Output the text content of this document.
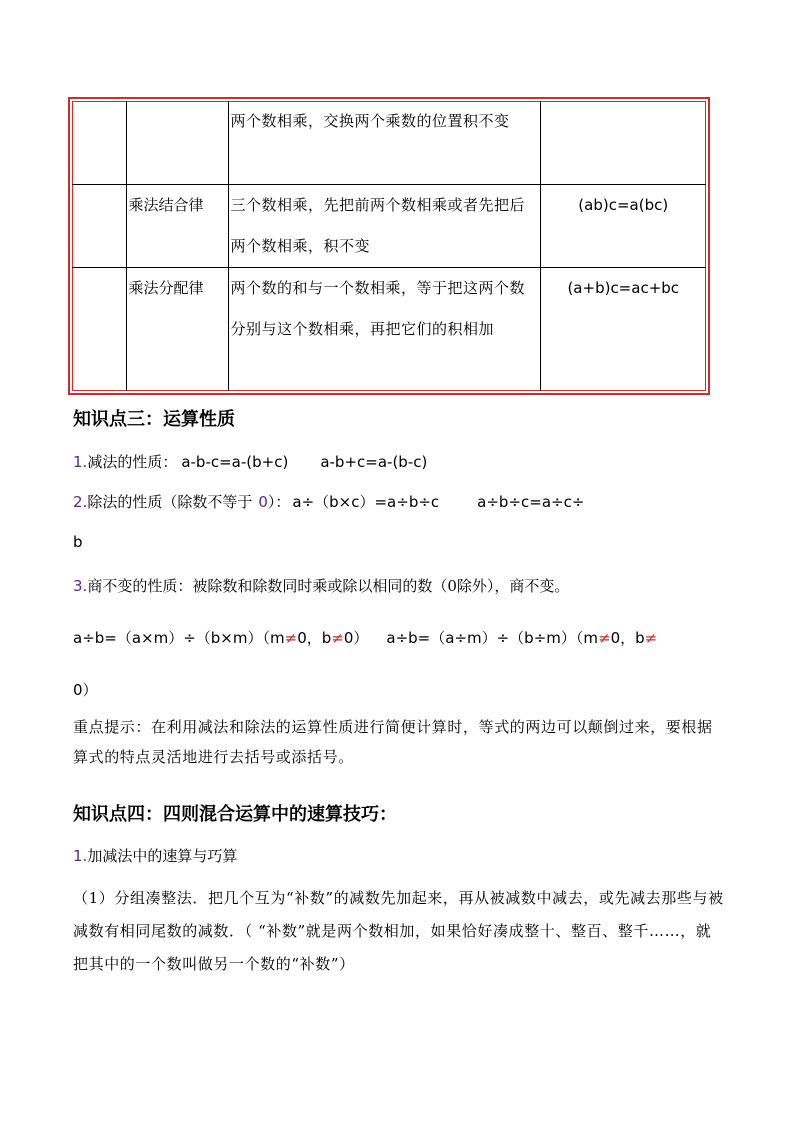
		两个数相乘，交换两个乘数的位置积不变	
	乘法结合律	三个数相乘，先把前两个数相乘或者先把后两个数相乘，积不变	(ab)c=a(bc)
	乘法分配律	两个数的和与一个数相乘，等于把这两个数分别与这个数相乘，再把它们的积相加	(a+b)c=ac+bc
知识点三：运算性质
1.减法的性质： a-b-c=a-(b+c) a-b+c=a-(b-c)
2.除法的性质（除数不等于 0）： a÷（b×c）=a÷b÷c	a÷b÷c=a÷c÷
b
3.商不变的性质：被除数和除数同时乘或除以相同的数（0除外），商不变。
a÷b=（a×m）÷（b×m）（m≠0，b≠0） a÷b=（a÷m）÷（b÷m）（m≠0，b≠
0）
重点提示：在利用减法和除法的运算性质进行简便计算时，等式的两边可以颠倒过来，要根据算式的特点灵活地进行去括号或添括号。
知识点四：四则混合运算中的速算技巧：
1.加减法中的速算与巧算
（1）分组凑整法．把几个互为“补数”的减数先加起来，再从被减数中减去，或先减去那些与被减数有相同尾数的减数．（ “补数”就是两个数相加，如果恰好凑成整十、整百、整千……，就把其中的一个数叫做另一个数的“补数”）
